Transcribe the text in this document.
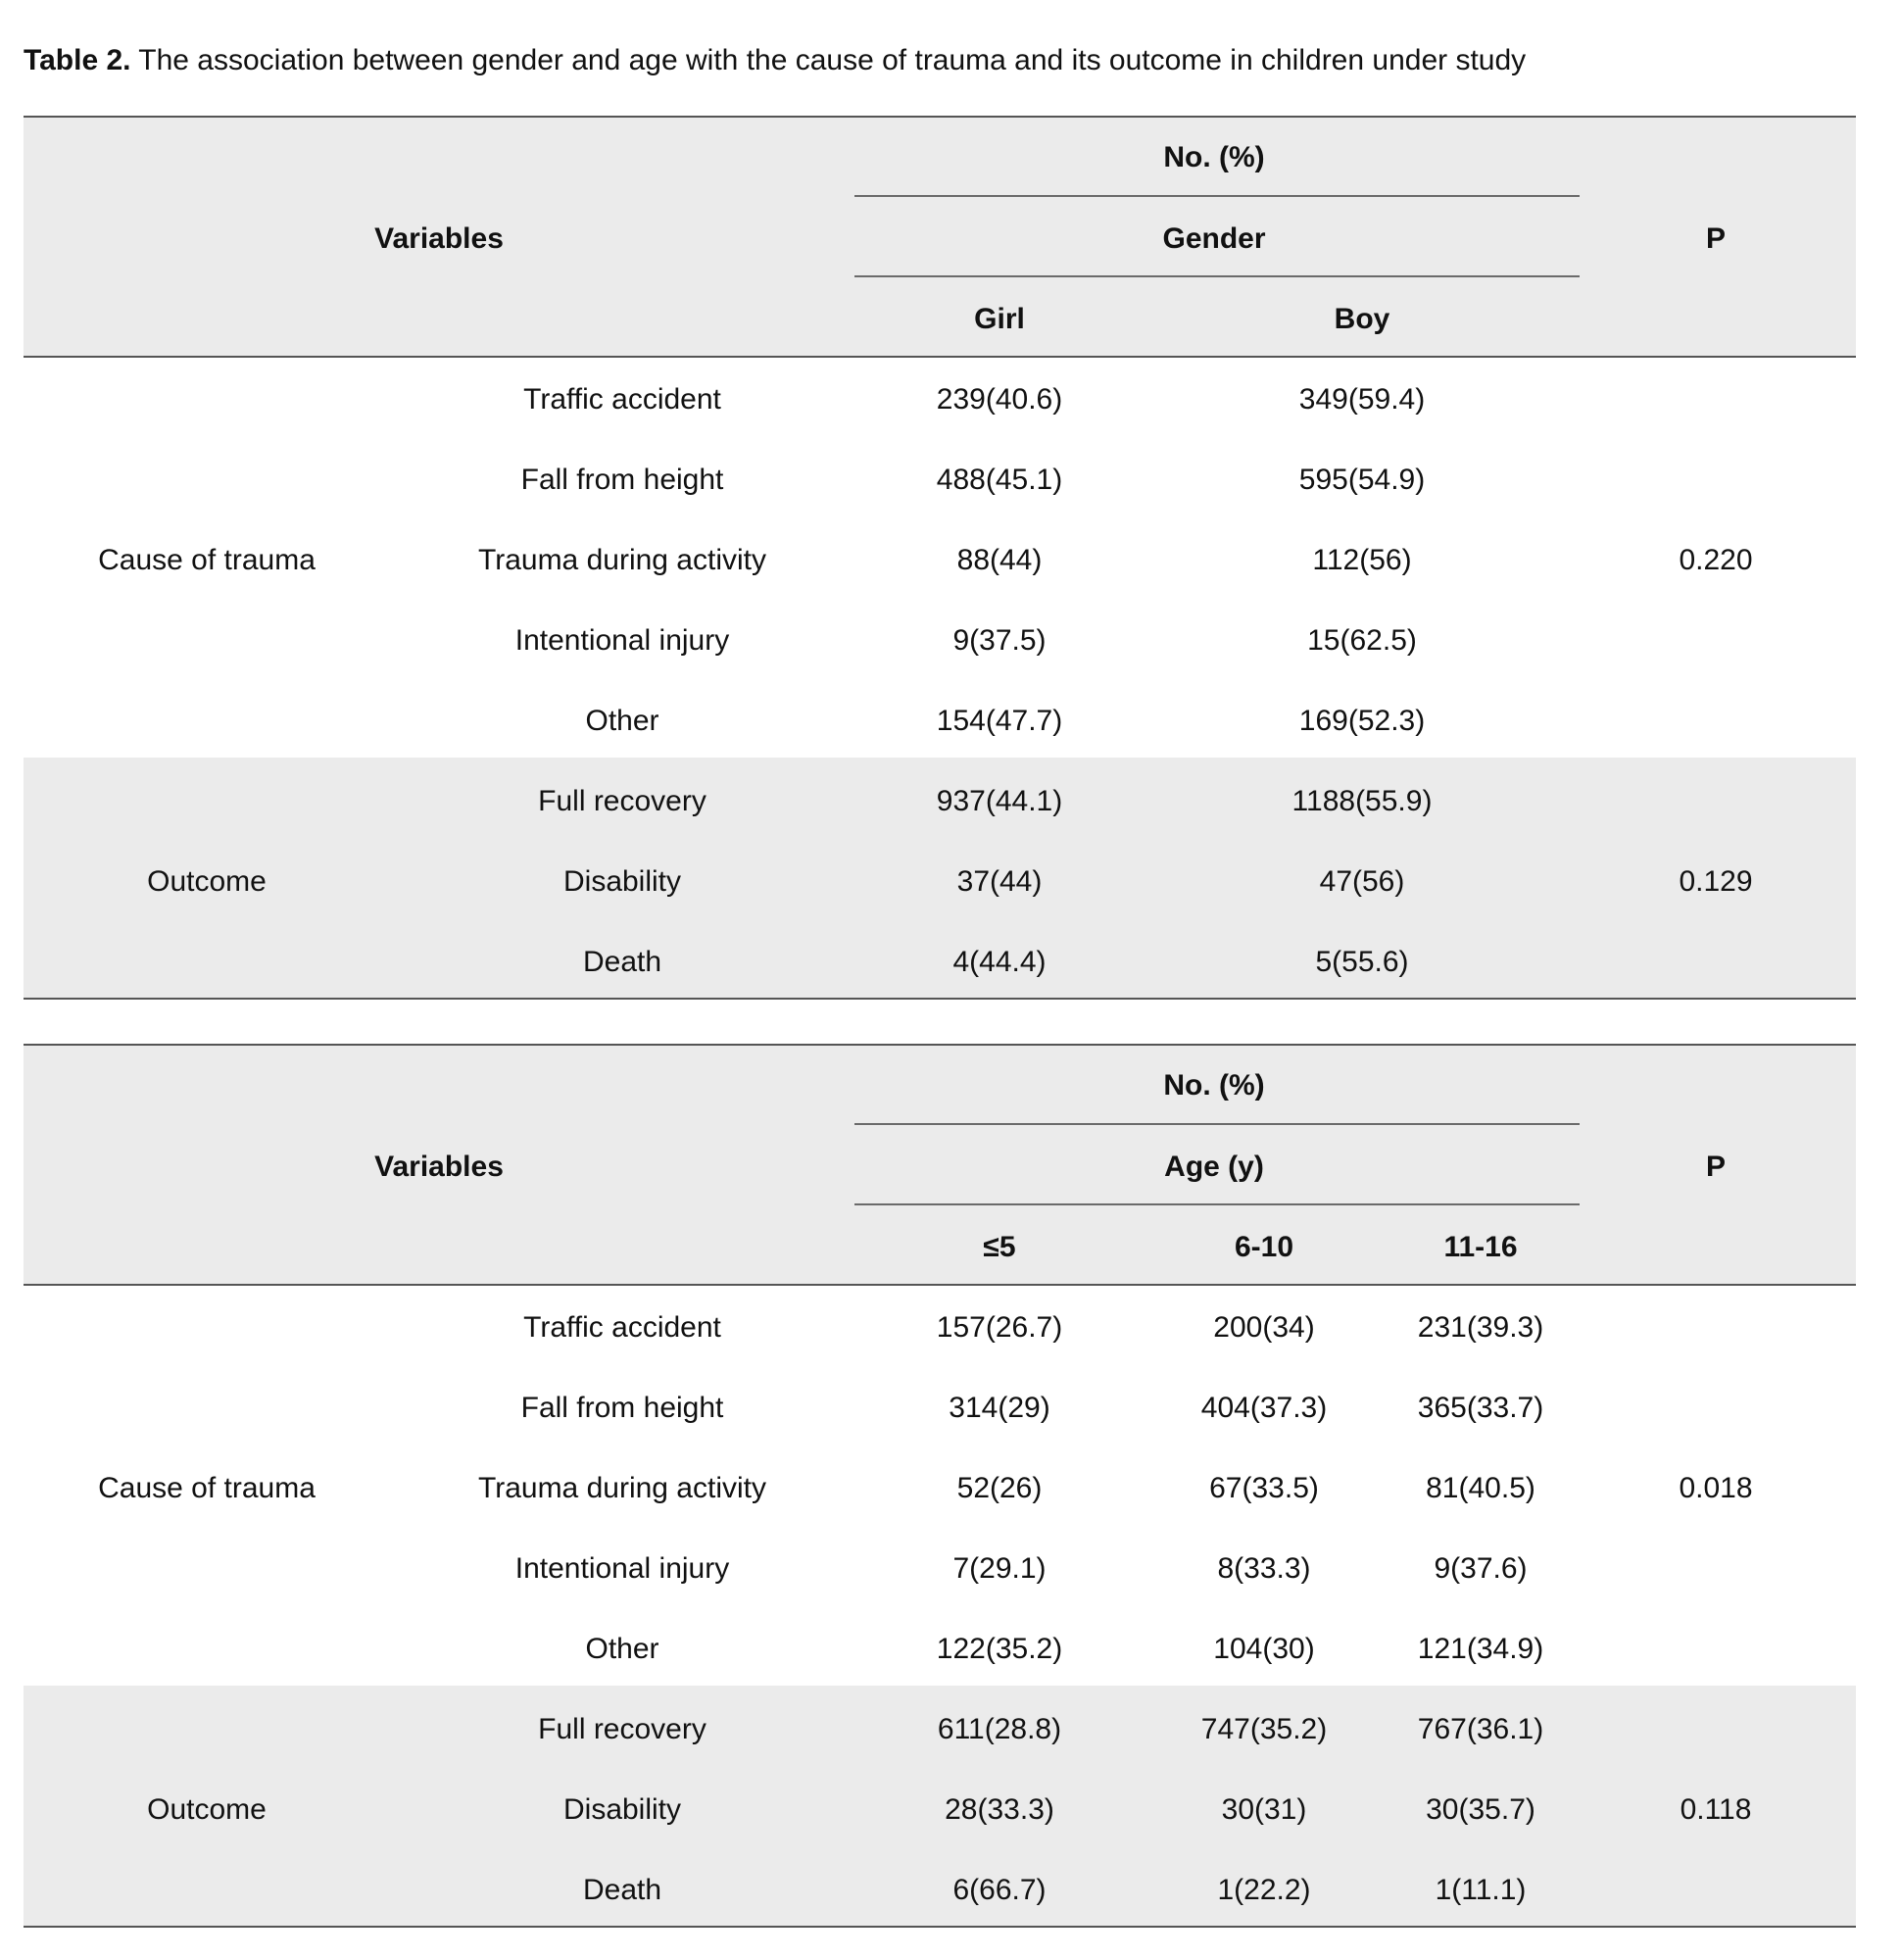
Table 2. The association between gender and age with the cause of trauma and its outcome in children under study
Variables
No. (%)
Gender
Girl	Boy
P
Cause of trauma	0.220
Traffic accident	239(40.6)	349(59.4)
Fall from height	488(45.1)	595(54.9)
Trauma during activity	88(44)	112(56)
Intentional injury	9(37.5)	15(62.5)
Other	154(47.7)	169(52.3)
Outcome	0.129
Full recovery	937(44.1)	1188(55.9)
Disability	37(44)	47(56)
Death	4(44.4)	5(55.6)
Variables
No. (%)
Age (y)
≤5	6-10	11-16
P
Cause of trauma	0.018
Traffic accident	157(26.7)	200(34)	231(39.3)
Fall from height	314(29)	404(37.3)	365(33.7)
Trauma during activity	52(26)	67(33.5)	81(40.5)
Intentional injury	7(29.1)	8(33.3)	9(37.6)
Other	122(35.2)	104(30)	121(34.9)
Outcome	0.118
Full recovery	611(28.8)	747(35.2)	767(36.1)
Disability	28(33.3)	30(31)	30(35.7)
Death	6(66.7)	1(22.2)	1(11.1)
